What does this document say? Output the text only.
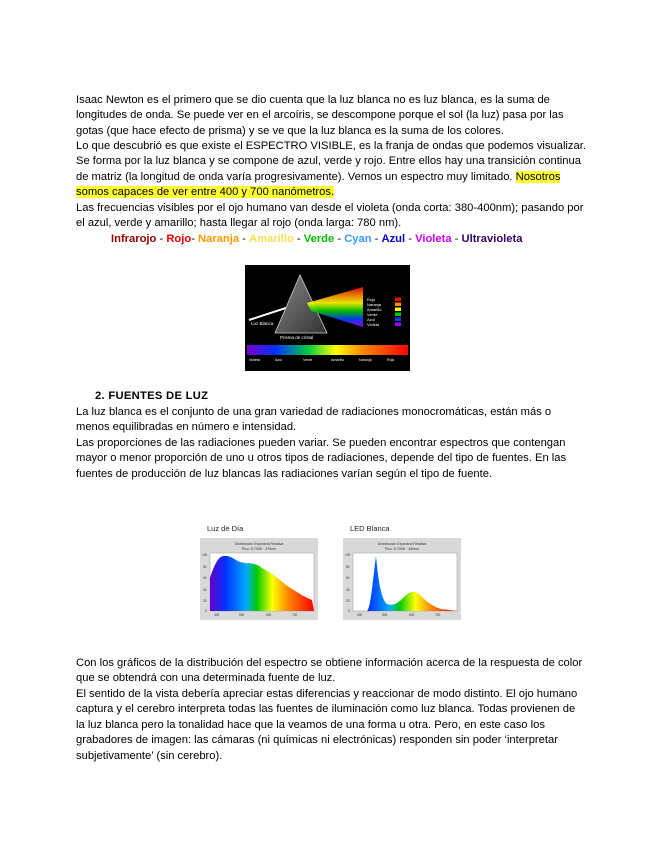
Isaac Newton es el primero que se dio cuenta que la luz blanca no es luz blanca, es la suma de longitudes de onda. Se puede ver en el arcoíris, se descompone porque el sol (la luz) pasa por las gotas (que hace efecto de prisma) y se ve que la luz blanca es la suma de los colores.

Lo que descubrió es que existe el ESPECTRO VISIBLE, es la franja de ondas que podemos visualizar. Se forma por la luz blanca y se compone de azul, verde y rojo. Entre ellos hay una transición continua de matriz (la longitud de onda varía progresivamente). Vemos un espectro muy limitado. Nosotros somos capaces de ver entre 400 y 700 nanómetros.

Las frecuencias visibles por el ojo humano van desde el violeta (onda corta: 380-400nm); pasando por el azul, verde y amarillo; hasta llegar al rojo (onda larga: 780 nm).

Infrarojo - Rojo- Naranja - Amarillo - Verde - Cyan - Azul - Violeta - Ultravioleta
Luz Blanca
Prisma de cristal
Rojo
Naranja
Amarillo
Verde
Azul
Violeta
Violeta	Azul	Verde	Amarillo	Naranja	Rojo

2. FUENTES DE LUZ

La luz blanca es el conjunto de una gran variedad de radiaciones monocromáticas, están más o menos equilibradas en número e intensidad.

Las proporciones de las radiaciones pueden variar. Se pueden encontrar espectros que contengan mayor o menor proporción de uno u otros tipos de radiaciones, depende del tipo de fuentes. En las fuentes de producción de luz blancas las radiaciones varían según el tipo de fuente.

Luz de Día	LED Blanca
Distribución Espectral Relativa
Pico: 5.700K · 475nm
400	500	600	700
100
80
60
40
20
0
Distribución Espectral Relativa
Pico: 5.700K · 450nm
400	500	600	700
100
80
60
40
20
0

Con los gráficos de la distribución del espectro se obtiene información acerca de la respuesta de color que se obtendrá con una determinada fuente de luz.

El sentido de la vista debería apreciar estas diferencias y reaccionar de modo distinto. El ojo humano captura y el cerebro interpreta todas las fuentes de iluminación como luz blanca. Todas provienen de la luz blanca pero la tonalidad hace que la veamos de una forma u otra. Pero, en este caso los grabadores de imagen: las cámaras (ni químicas ni electrónicas) responden sin poder ‘interpretar subjetivamente’ (sin cerebro).
